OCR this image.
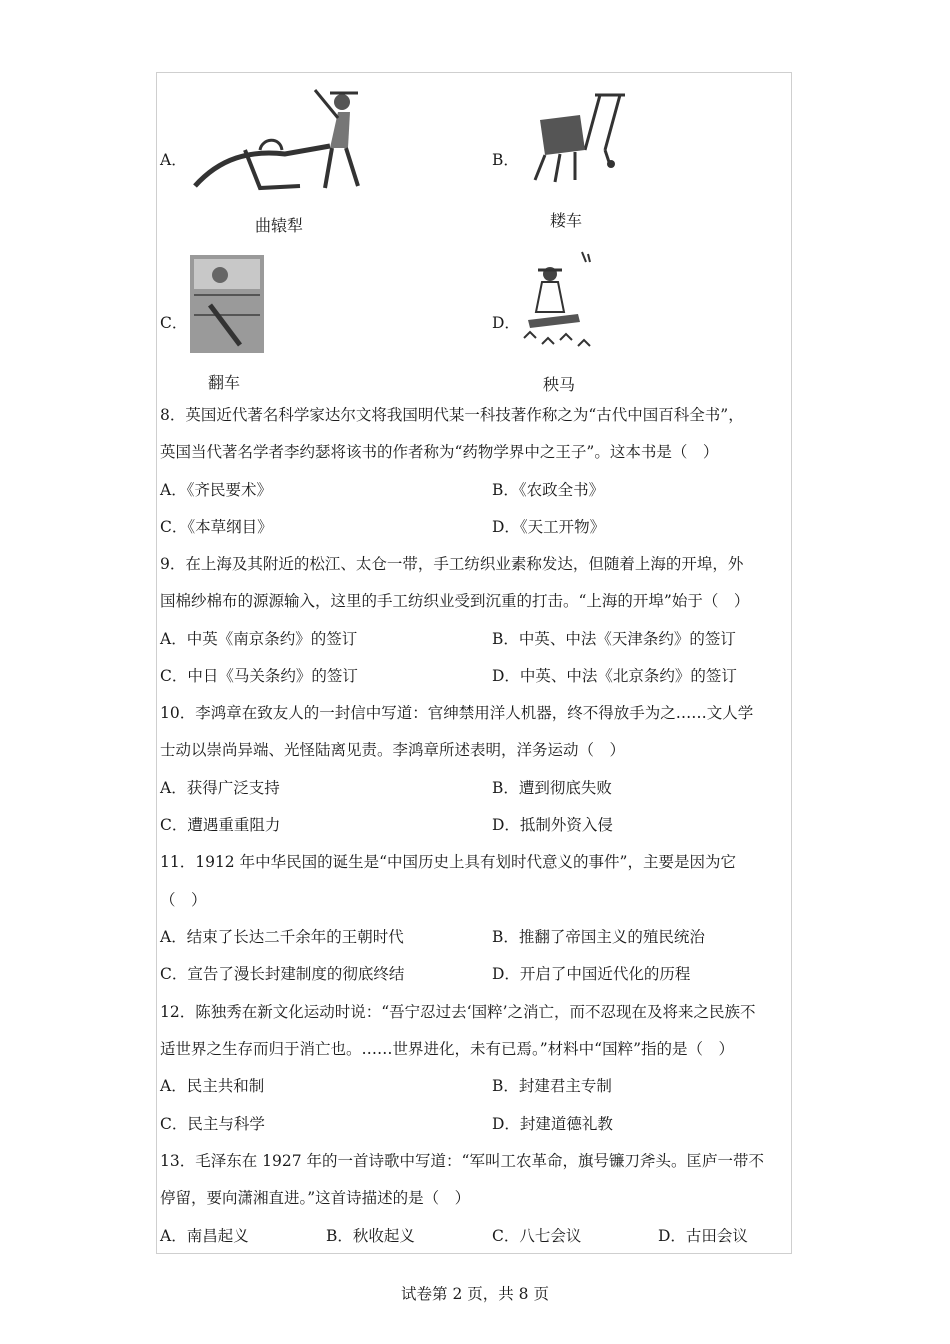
A．
曲辕犁
B．
耧车
C．
翻车
D．
秧马
8．英国近代著名科学家达尔文将我国明代某一科技著作称之为“古代中国百科全书”，
英国当代著名学者李约瑟将该书的作者称为“药物学界中之王子”。这本书是（　）
A．《齐民要术》	B．《农政全书》
C．《本草纲目》	D．《天工开物》
9．在上海及其附近的松江、太仓一带，手工纺织业素称发达，但随着上海的开埠，外
国棉纱棉布的源源输入，这里的手工纺织业受到沉重的打击。“上海的开埠”始于（　）
A．中英《南京条约》的签订	B．中英、中法《天津条约》的签订
C．中日《马关条约》的签订	D．中英、中法《北京条约》的签订
10．李鸿章在致友人的一封信中写道：官绅禁用洋人机器，终不得放手为之……文人学
士动以崇尚异端、光怪陆离见责。李鸿章所述表明，洋务运动（　）
A．获得广泛支持	B．遭到彻底失败
C．遭遇重重阻力	D．抵制外资入侵
11．1912 年中华民国的诞生是“中国历史上具有划时代意义的事件”，主要是因为它
（　）
A．结束了长达二千余年的王朝时代	B．推翻了帝国主义的殖民统治
C．宣告了漫长封建制度的彻底终结	D．开启了中国近代化的历程
12．陈独秀在新文化运动时说：“吾宁忍过去‘国粹’之消亡，而不忍现在及将来之民族不
适世界之生存而归于消亡也。……世界进化，未有已焉。”材料中“国粹”指的是（　）
A．民主共和制	B．封建君主专制
C．民主与科学	D．封建道德礼教
13．毛泽东在 1927 年的一首诗歌中写道：“军叫工农革命，旗号镰刀斧头。匡庐一带不
停留，要向潇湘直进。”这首诗描述的是（　）
A．南昌起义	B．秋收起义	C．八七会议	D．古田会议
试卷第 2 页，共 8 页
